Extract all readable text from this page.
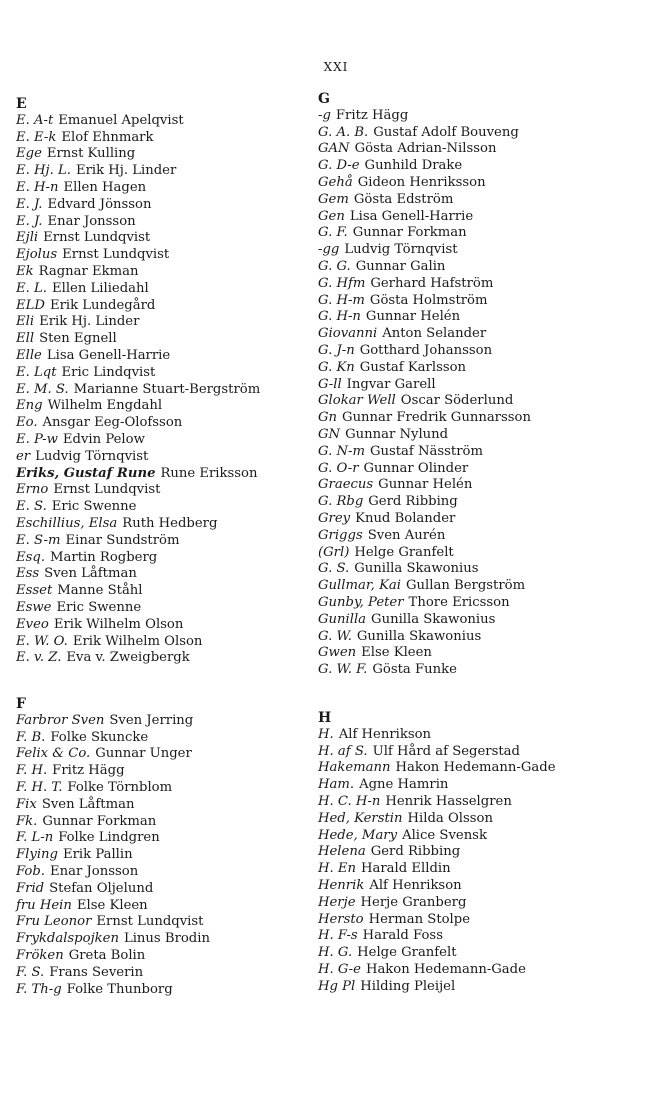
XXI
E
E. A-t Emanuel Apelqvist
E. E-k Elof Ehnmark
Ege Ernst Kulling
E. Hj. L. Erik Hj. Linder
E. H-n Ellen Hagen
E. J. Edvard Jönsson
E. J. Enar Jonsson
Ejli Ernst Lundqvist
Ejolus Ernst Lundqvist
Ek Ragnar Ekman
E. L. Ellen Liliedahl
ELD Erik Lundegård
Eli Erik Hj. Linder
Ell Sten Egnell
Elle Lisa Genell-Harrie
E. Lqt Eric Lindqvist
E. M. S. Marianne Stuart-Bergström
Eng Wilhelm Engdahl
Eo. Ansgar Eeg-Olofsson
E. P-w Edvin Pelow
er Ludvig Törnqvist
Eriks, Gustaf Rune Rune Eriksson
Erno Ernst Lundqvist
E. S. Eric Swenne
Eschillius, Elsa Ruth Hedberg
E. S-m Einar Sundström
Esq. Martin Rogberg
Ess Sven Låftman
Esset Manne Ståhl
Eswe Eric Swenne
Eveo Erik Wilhelm Olson
E. W. O. Erik Wilhelm Olson
E. v. Z. Eva v. Zweigbergk
F
Farbror Sven Sven Jerring
F. B. Folke Skuncke
Felix & Co. Gunnar Unger
F. H. Fritz Hägg
F. H. T. Folke Törnblom
Fix Sven Låftman
Fk. Gunnar Forkman
F. L-n Folke Lindgren
Flying Erik Pallin
Fob. Enar Jonsson
Frid Stefan Oljelund
fru Hein Else Kleen
Fru Leonor Ernst Lundqvist
Frykdalspojken Linus Brodin
Fröken Greta Bolin
F. S. Frans Severin
F. Th-g Folke Thunborg
G
-g Fritz Hägg
G. A. B. Gustaf Adolf Bouveng
GAN Gösta Adrian-Nilsson
G. D-e Gunhild Drake
Gehå Gideon Henriksson
Gem Gösta Edström
Gen Lisa Genell-Harrie
G. F. Gunnar Forkman
-gg Ludvig Törnqvist
G. G. Gunnar Galin
G. Hfm Gerhard Hafström
G. H-m Gösta Holmström
G. H-n Gunnar Helén
Giovanni Anton Selander
G. J-n Gotthard Johansson
G. Kn Gustaf Karlsson
G-ll Ingvar Garell
Glokar Well Oscar Söderlund
Gn Gunnar Fredrik Gunnarsson
GN Gunnar Nylund
G. N-m Gustaf Näsström
G. O-r Gunnar Olinder
Graecus Gunnar Helén
G. Rbg Gerd Ribbing
Grey Knud Bolander
Griggs Sven Aurén
(Grl) Helge Granfelt
G. S. Gunilla Skawonius
Gullmar, Kai Gullan Bergström
Gunby, Peter Thore Ericsson
Gunilla Gunilla Skawonius
G. W. Gunilla Skawonius
Gwen Else Kleen
G. W. F. Gösta Funke
H
H. Alf Henrikson
H. af S. Ulf Hård af Segerstad
Hakemann Hakon Hedemann-Gade
Ham. Agne Hamrin
H. C. H-n Henrik Hasselgren
Hed, Kerstin Hilda Olsson
Hede, Mary Alice Svensk
Helena Gerd Ribbing
H. En Harald Elldin
Henrik Alf Henrikson
Herje Herje Granberg
Hersto Herman Stolpe
H. F-s Harald Foss
H. G. Helge Granfelt
H. G-e Hakon Hedemann-Gade
Hg Pl Hilding Pleijel
